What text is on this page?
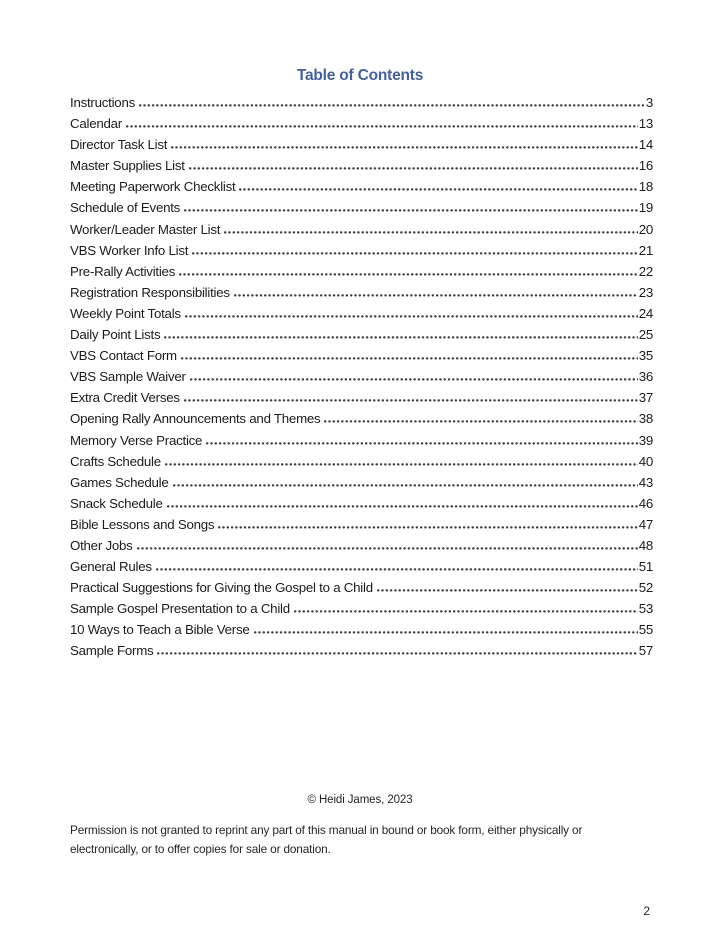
Table of Contents
Instructions	3
Calendar	13
Director Task List	14
Master Supplies List	16
Meeting Paperwork Checklist	18
Schedule of Events	19
Worker/Leader Master List	20
VBS Worker Info List	21
Pre-Rally Activities	22
Registration Responsibilities	23
Weekly Point Totals	24
Daily Point Lists	25
VBS Contact Form	35
VBS Sample Waiver	36
Extra Credit Verses	37
Opening Rally Announcements and Themes	38
Memory Verse Practice	39
Crafts Schedule	40
Games Schedule	43
Snack Schedule	46
Bible Lessons and Songs	47
Other Jobs	48
General Rules	51
Practical Suggestions for Giving the Gospel to a Child	52
Sample Gospel Presentation to a Child	53
10 Ways to Teach a Bible Verse	55
Sample Forms	57
© Heidi James, 2023
Permission is not granted to reprint any part of this manual in bound or book form, either physically or
electronically, or to offer copies for sale or donation.
2
